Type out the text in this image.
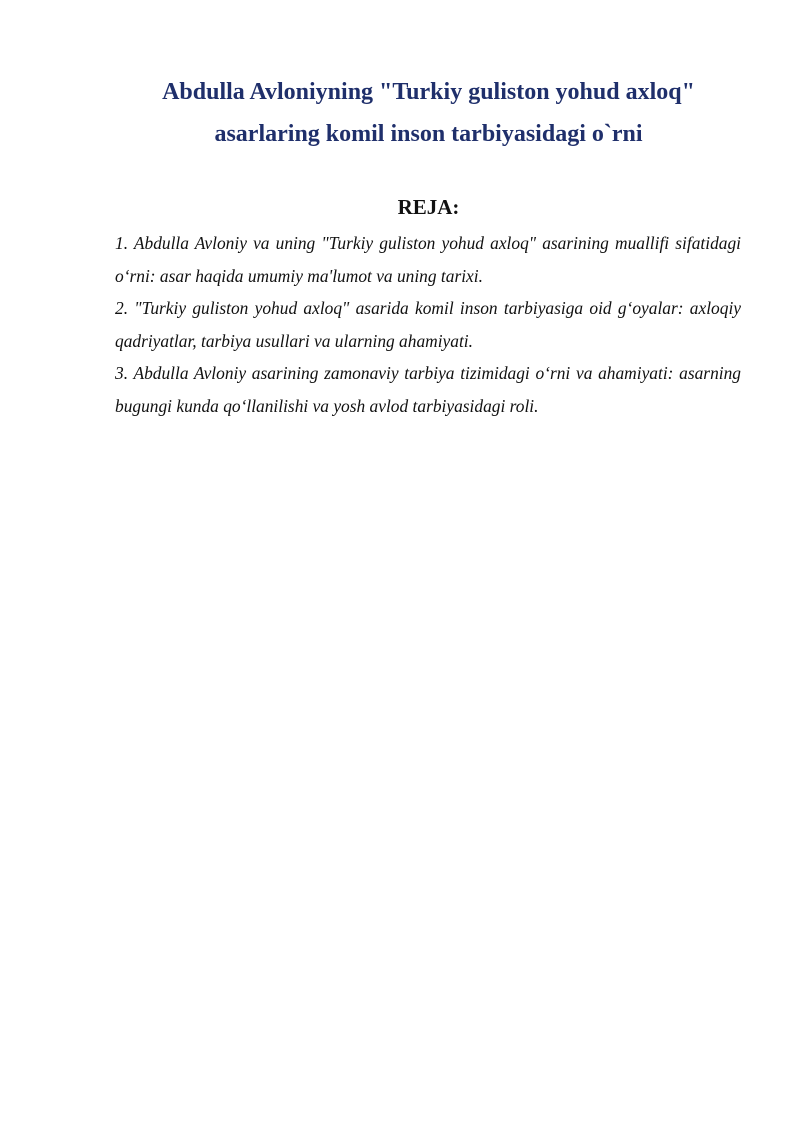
Abdulla Avloniyning "Turkiy guliston yohud axloq"
asarlaring komil inson tarbiyasidagi o`rni
REJA:
1. Abdulla Avloniy va uning "Turkiy guliston yohud axloq" asarining muallifi sifatidagi o‘rni: asar haqida umumiy ma'lumot va uning tarixi.
2. "Turkiy guliston yohud axloq" asarida komil inson tarbiyasiga oid g‘oyalar: axloqiy qadriyatlar, tarbiya usullari va ularning ahamiyati.
3. Abdulla Avloniy asarining zamonaviy tarbiya tizimidagi o‘rni va ahamiyati: asarning bugungi kunda qo‘llanilishi va yosh avlod tarbiyasidagi roli.
